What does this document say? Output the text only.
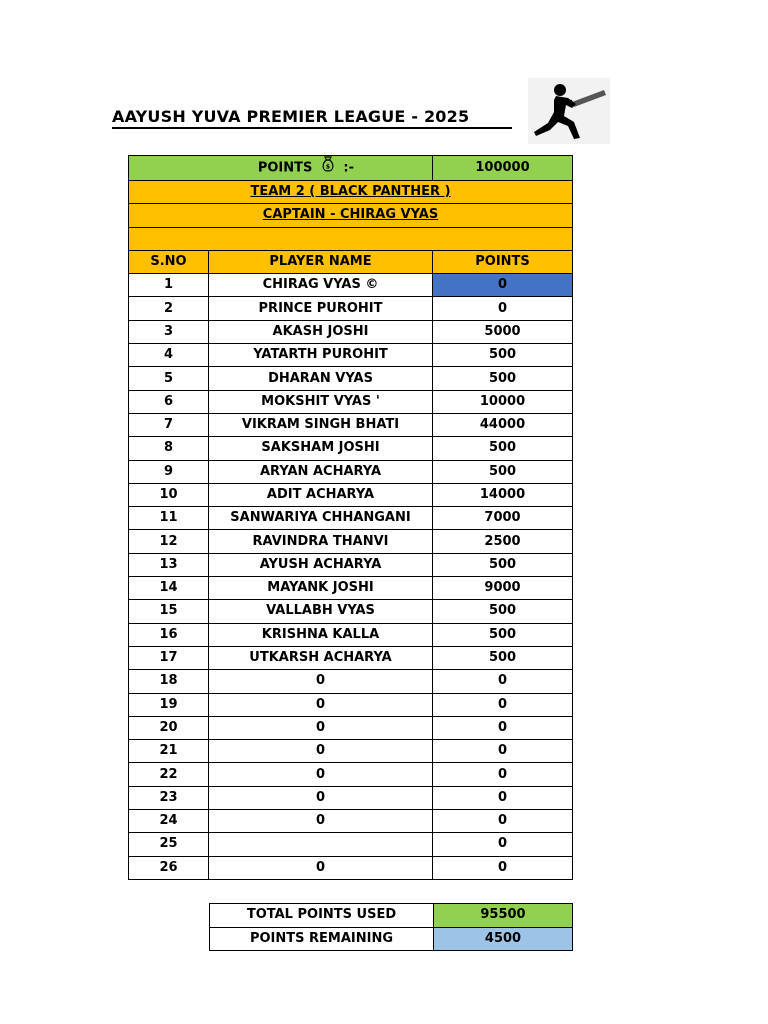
AAYUSH YUVA PREMIER LEAGUE - 2025
POINTS $ :-		100000
TEAM 2 ( BLACK PANTHER )		
CAPTAIN - CHIRAG VYAS		

S.NO	PLAYER NAME	POINTS
1	CHIRAG VYAS ©	0
2	PRINCE PUROHIT	0
3	AKASH JOSHI	5000
4	YATARTH PUROHIT	500
5	DHARAN VYAS	500
6	MOKSHIT VYAS '	10000
7	VIKRAM SINGH BHATI	44000
8	SAKSHAM JOSHI	500
9	ARYAN ACHARYA	500
10	ADIT ACHARYA	14000
11	SANWARIYA CHHANGANI	7000
12	RAVINDRA THANVI	2500
13	AYUSH ACHARYA	500
14	MAYANK JOSHI	9000
15	VALLABH VYAS	500
16	KRISHNA KALLA	500
17	UTKARSH ACHARYA	500
18	0	0
19	0	0
20	0	0
21	0	0
22	0	0
23	0	0
24	0	0
25		0
26	0	0
TOTAL POINTS USED	95500
POINTS REMAINING	4500
